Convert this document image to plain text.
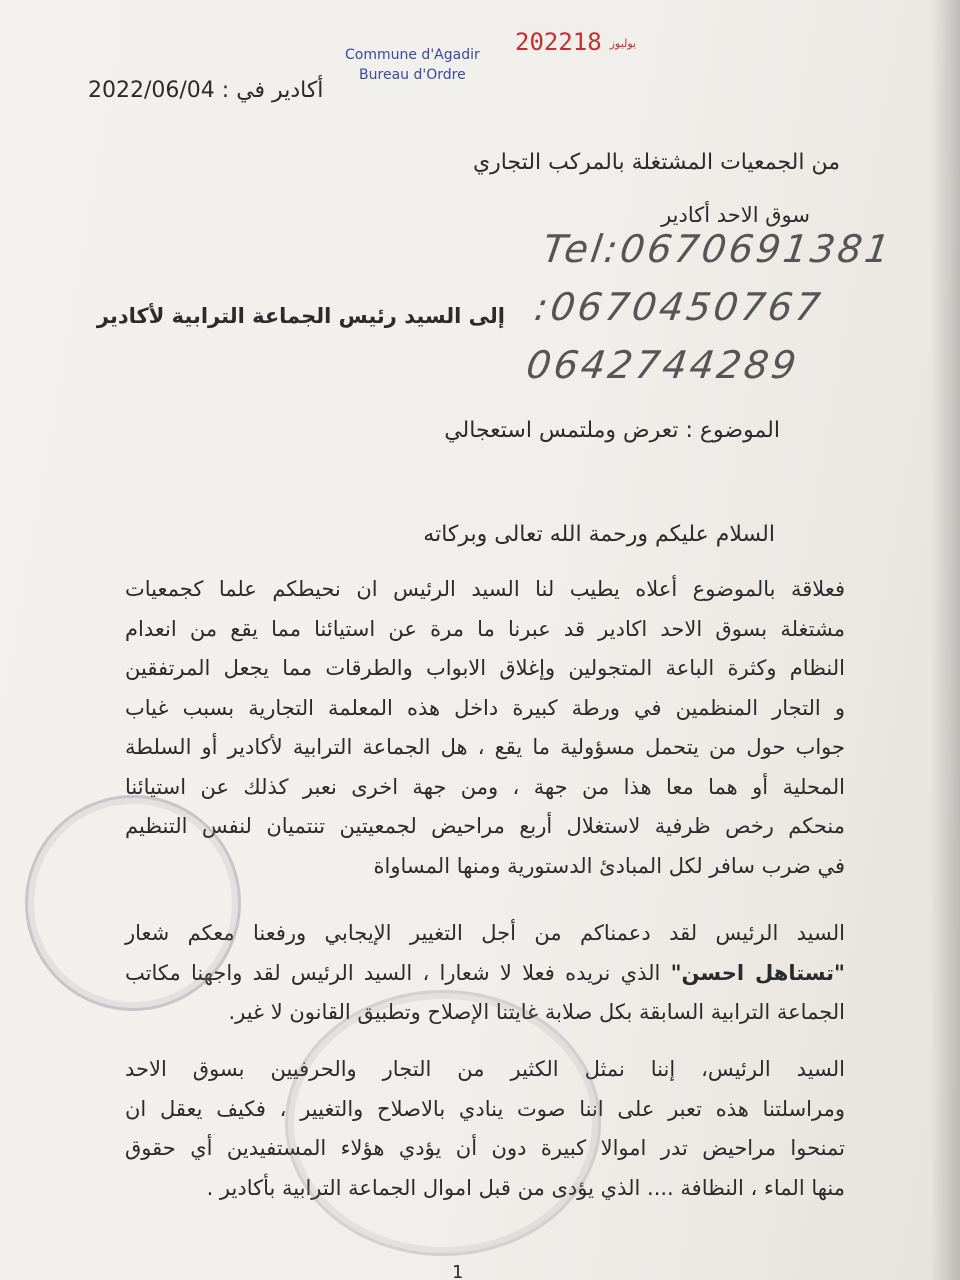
Commune d'Agadir
Bureau d'Ordre
2022	يوليوز18
أكادير في : 2022/06/04
من الجمعيات المشتغلة بالمركب التجاري
سوق الاحد أكادير
Tel:0670691381
:0670450767
0642744289
إلى السيد رئيس الجماعة الترابية لأكادير
الموضوع : تعرض وملتمس استعجالي
السلام عليكم ورحمة الله تعالى وبركاته

فعلاقة بالموضوع أعلاه يطيب لنا السيد الرئيس ان نحيطكم علما كجمعيات

مشتغلة بسوق الاحد اكادير قد عبرنا ما مرة عن استيائنا مما يقع من انعدام

النظام وكثرة الباعة المتجولين وإغلاق الابواب والطرقات مما يجعل المرتفقين

و التجار المنظمين في ورطة كبيرة داخل هذه المعلمة التجارية بسبب غياب

جواب حول من يتحمل مسؤولية ما يقع ، هل الجماعة الترابية لأكادير أو السلطة

المحلية أو هما معا هذا من جهة ، ومن جهة اخرى نعبر كذلك عن استيائنا

منحكم رخص ظرفية لاستغلال أربع مراحيض لجمعيتين تنتميان لنفس التنظيم

في ضرب سافر لكل المبادئ الدستورية ومنها المساواة

السيد الرئيس لقد دعمناكم من أجل التغيير الإيجابي ورفعنا معكم شعار

"تستاهل احسن" الذي نريده فعلا لا شعارا ، السيد الرئيس لقد واجهنا مكاتب

الجماعة الترابية السابقة بكل صلابة غايتنا الإصلاح وتطبيق القانون لا غير.

السيد الرئيس، إننا نمثل الكثير من التجار والحرفيين بسوق الاحد

ومراسلتنا هذه تعبر على اننا صوت ينادي بالاصلاح والتغيير ، فكيف يعقل ان

تمنحوا مراحيض تدر اموالا كبيرة دون أن يؤدي هؤلاء المستفيدين أي حقوق

منها الماء ، النظافة .... الذي يؤدى من قبل اموال الجماعة الترابية بأكادير .

1
